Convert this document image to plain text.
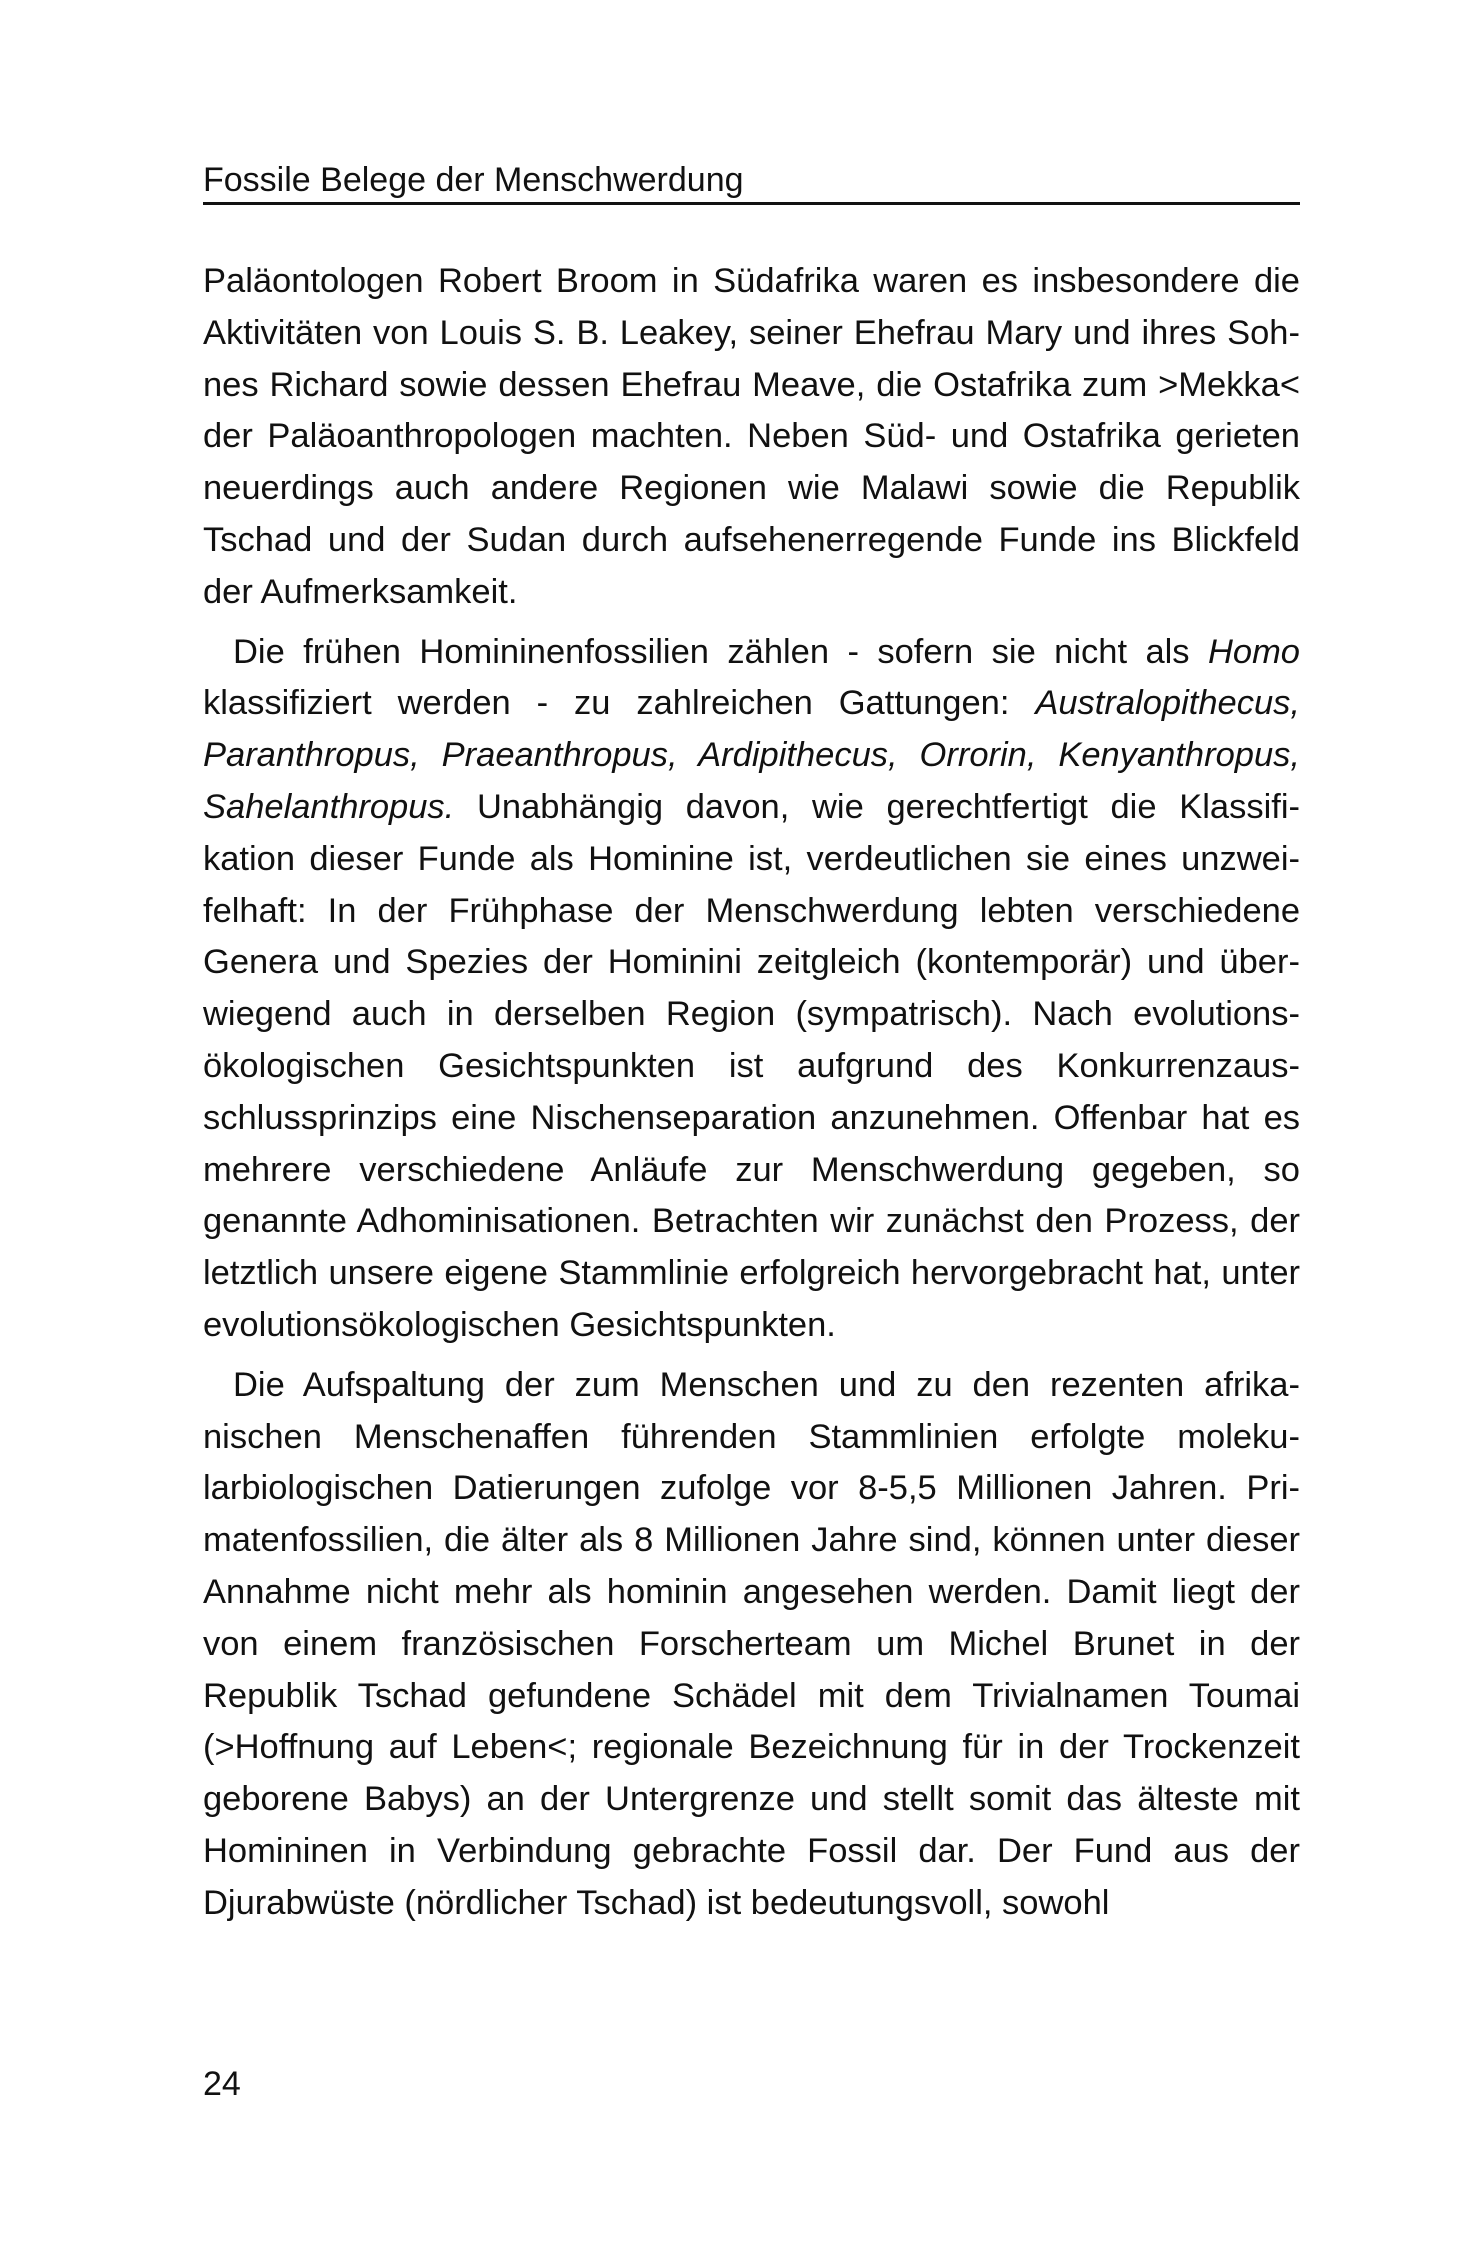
Fossile Belege der Menschwerdung

Paläontologen Robert Broom in Südafrika waren es insbesondere die Aktivitäten von Louis S. B. Leakey, seiner Ehefrau Mary und ihres Sohnes Richard sowie dessen Ehefrau Meave, die Ostafrika zum >Mekka< der Paläoanthropologen machten. Neben Süd- und Ostafrika gerieten neuerdings auch andere Regionen wie Malawi sowie die Republik Tschad und der Sudan durch aufsehenerregende Funde ins Blickfeld der Aufmerksamkeit.

Die frühen Homininenfossilien zählen - sofern sie nicht als Homo klassifiziert werden - zu zahlreichen Gattungen: Australopithecus, Paranthropus, Praeanthropus, Ardipithecus, Orrorin, Kenyanthropus, Sahelanthropus. Unabhängig davon, wie gerechtfertigt die Klassifikation dieser Funde als Hominine ist, verdeutlichen sie eines unzweifelhaft: In der Frühphase der Menschwerdung lebten verschiedene Genera und Spezies der Hominini zeitgleich (kontemporär) und überwiegend auch in derselben Region (sympatrisch). Nach evolutionsökologischen Gesichtspunkten ist aufgrund des Konkurrenzausschlussprinzips eine Nischenseparation anzunehmen. Offenbar hat es mehrere verschiedene Anläufe zur Menschwerdung gegeben, so genannte Adhominisationen. Betrachten wir zunächst den Prozess, der letztlich unsere eigene Stammlinie erfolgreich hervorgebracht hat, unter evolutionsökologischen Gesichtspunkten.

Die Aufspaltung der zum Menschen und zu den rezenten afrikanischen Menschenaffen führenden Stammlinien erfolgte molekularbiologischen Datierungen zufolge vor 8-5,5 Millionen Jahren. Primatenfossilien, die älter als 8 Millionen Jahre sind, können unter dieser Annahme nicht mehr als hominin angesehen werden. Damit liegt der von einem französischen Forscherteam um Michel Brunet in der Republik Tschad gefundene Schädel mit dem Trivialnamen Toumai (>Hoffnung auf Leben<; regionale Bezeichnung für in der Trockenzeit geborene Babys) an der Untergrenze und stellt somit das älteste mit Homininen in Verbindung gebrachte Fossil dar. Der Fund aus der Djurabwüste (nördlicher Tschad) ist bedeutungsvoll, sowohl

24
